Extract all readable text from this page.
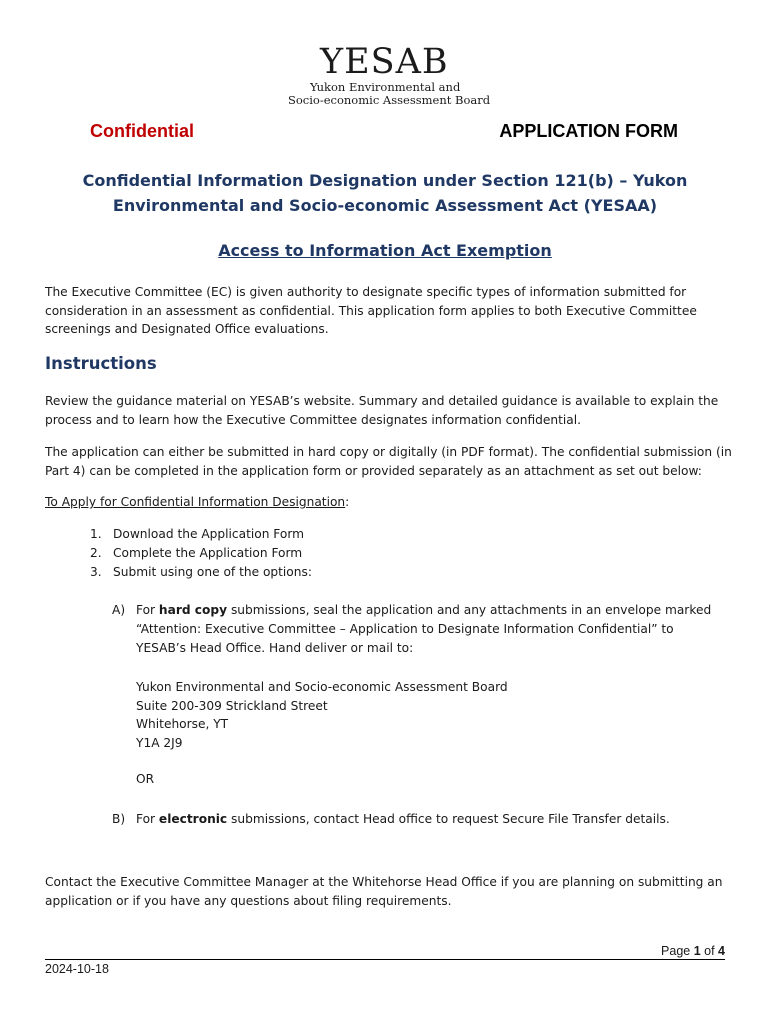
YESAB
Yukon Environmental and
Socio-economic Assessment Board
Confidential	APPLICATION FORM
Confidential Information Designation under Section 121(b) – Yukon
Environmental and Socio-economic Assessment Act (YESAA)
Access to Information Act Exemption
The Executive Committee (EC) is given authority to designate specific types of information submitted for consideration in an assessment as confidential. This application form applies to both Executive Committee screenings and Designated Office evaluations.
Instructions
Review the guidance material on YESAB’s website. Summary and detailed guidance is available to explain the process and to learn how the Executive Committee designates information confidential.
The application can either be submitted in hard copy or digitally (in PDF format). The confidential submission (in Part 4) can be completed in the application form or provided separately as an attachment as set out below:
To Apply for Confidential Information Designation:
1. Download the Application Form
2. Complete the Application Form
3. Submit using one of the options:
A) For hard copy submissions, seal the application and any attachments in an envelope marked “Attention: Executive Committee – Application to Designate Information Confidential” to YESAB’s Head Office. Hand deliver or mail to:
Yukon Environmental and Socio-economic Assessment Board
Suite 200-309 Strickland Street
Whitehorse, YT
Y1A 2J9
OR
B) For electronic submissions, contact Head office to request Secure File Transfer details.
Contact the Executive Committee Manager at the Whitehorse Head Office if you are planning on submitting an application or if you have any questions about filing requirements.
Page 1 of 4
2024-10-18
